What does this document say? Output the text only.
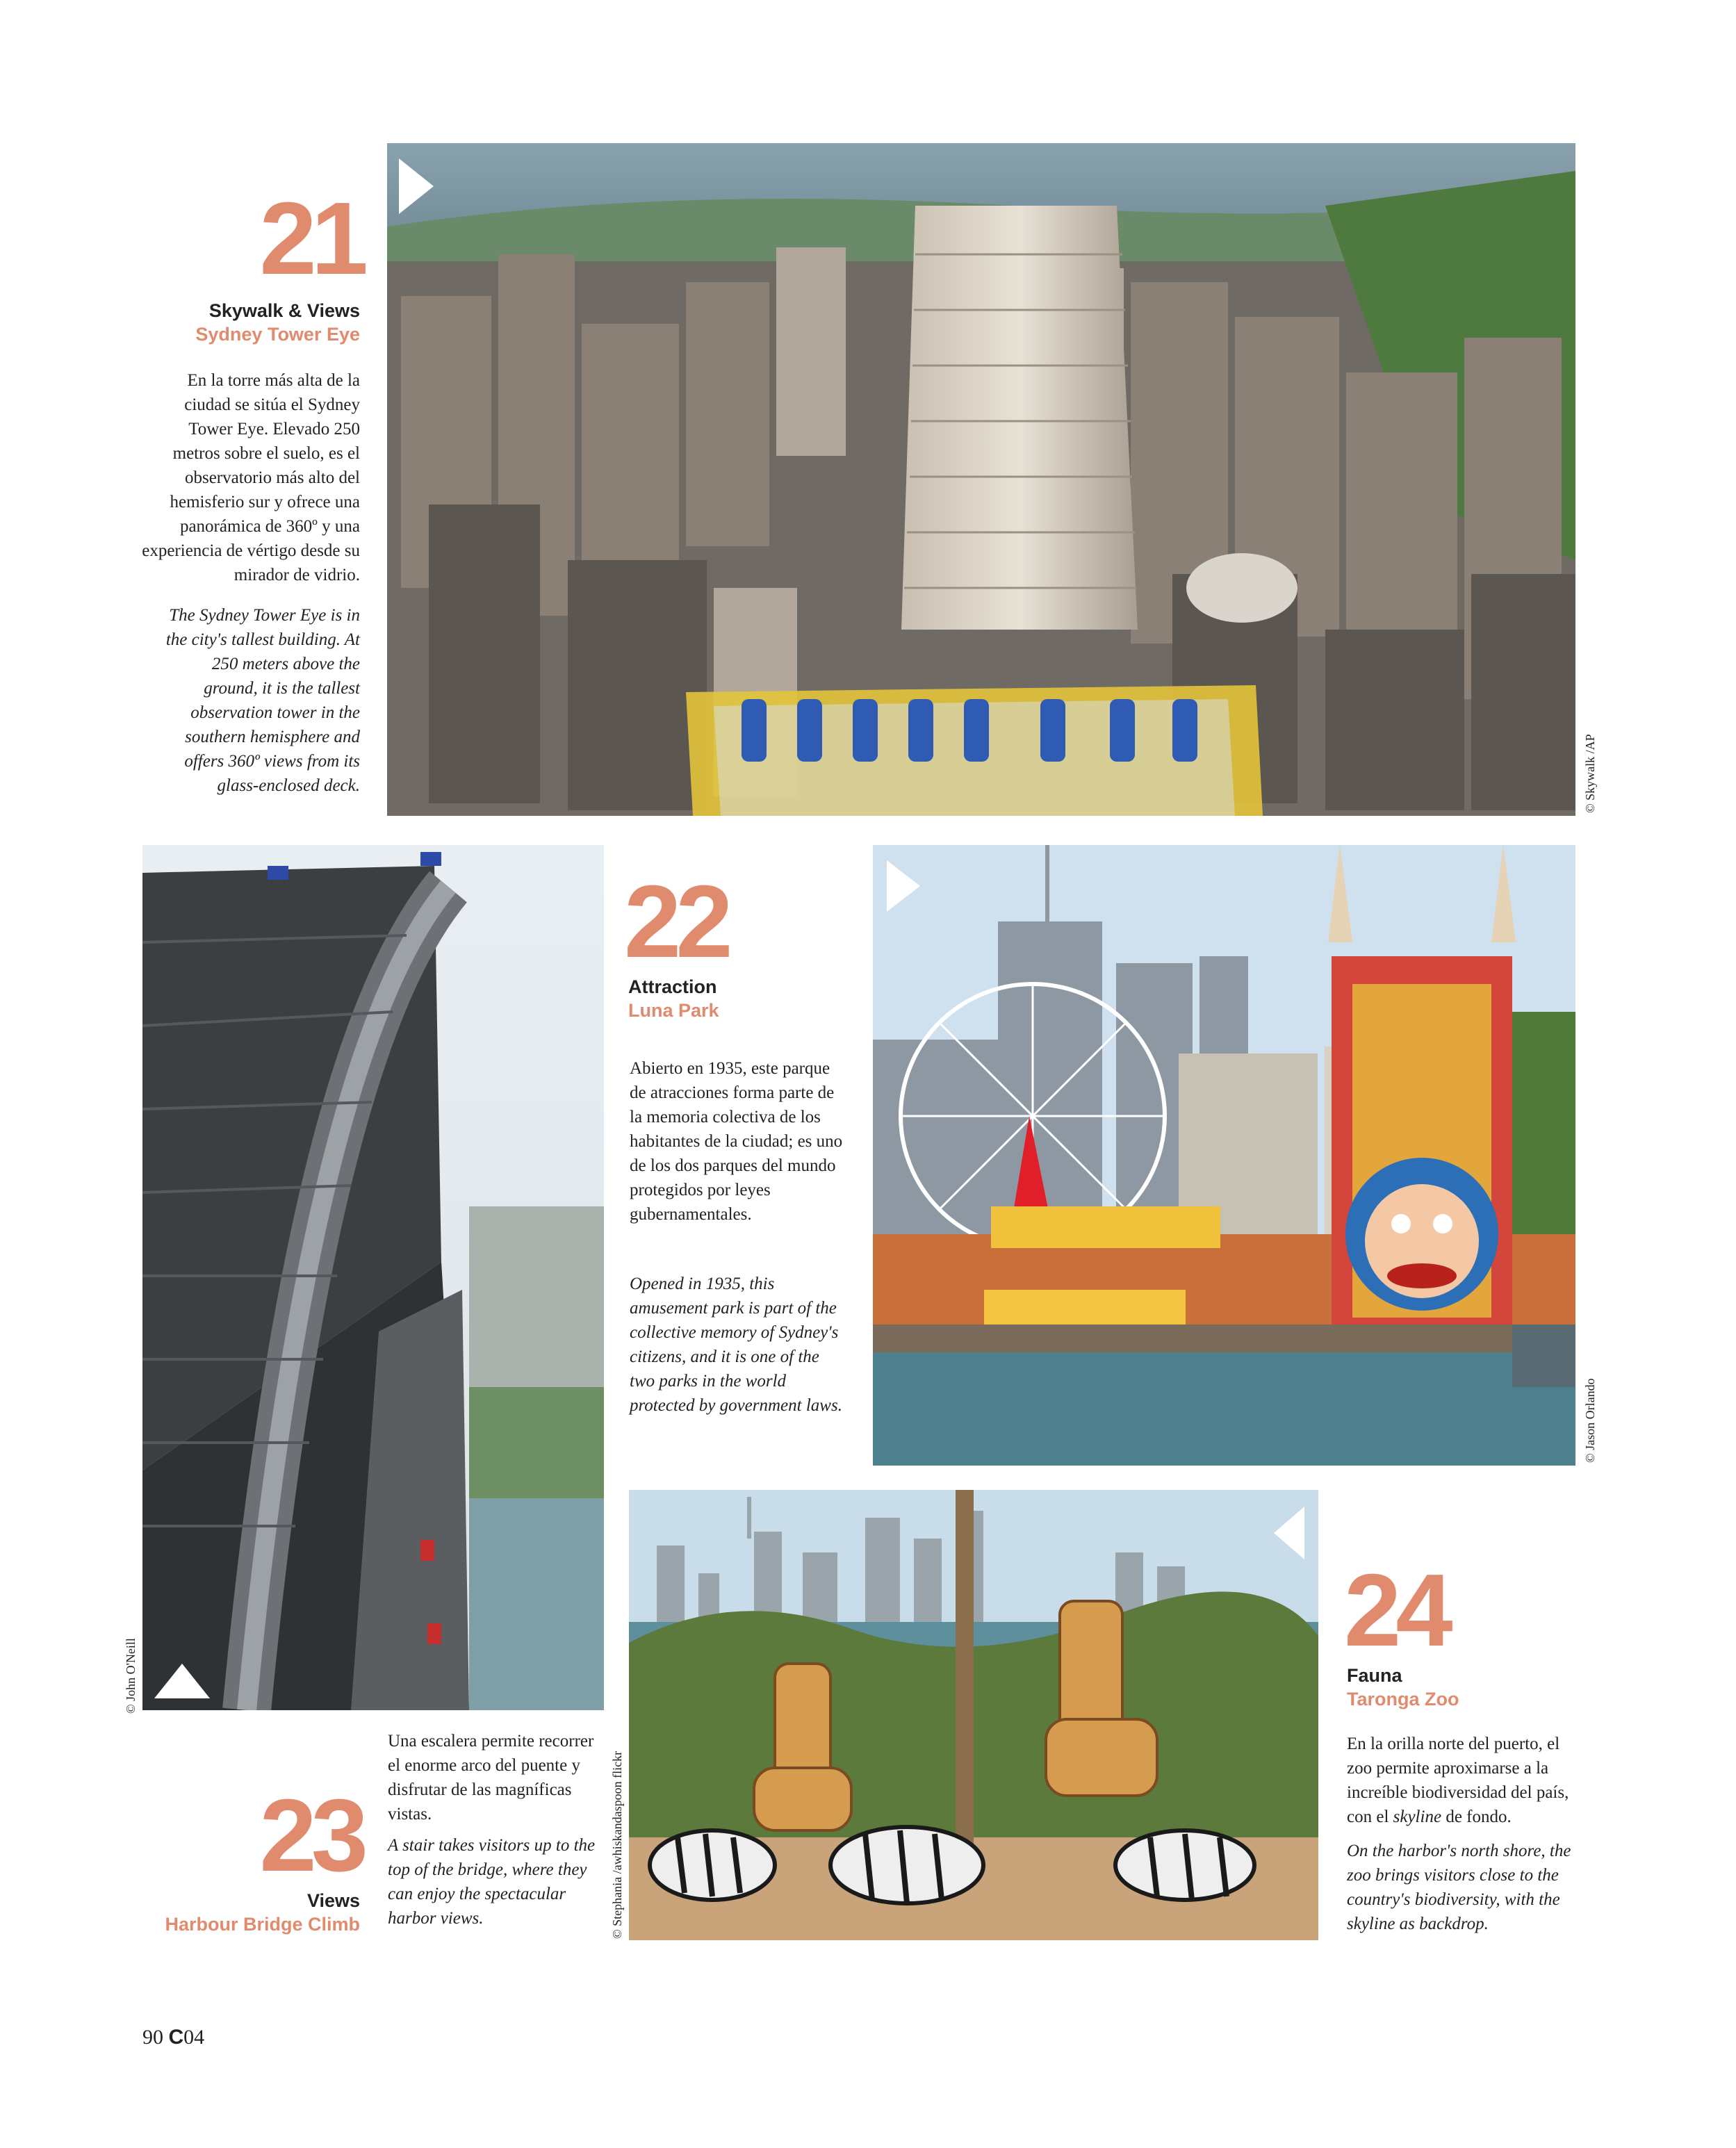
21
Skywalk & Views
Sydney Tower Eye

En la torre más alta de la ciudad se sitúa el Sydney Tower Eye. Elevado 250 metros sobre el suelo, es el observatorio más alto del hemisferio sur y ofrece una panorámica de 360º y una experiencia de vértigo desde su mirador de vidrio.

The Sydney Tower Eye is in the city's tallest building. At 250 meters above the ground, it is the tallest observation tower in the southern hemisphere and offers 360º views from its glass-enclosed deck.	© Skywalk /AP
22
Attraction
Luna Park

Abierto en 1935, este parque de atracciones forma parte de la memoria colectiva de los habitantes de la ciudad; es uno de los dos parques del mundo protegidos por leyes gubernamentales.

Opened in 1935, this amusement park is part of the collective memory of Sydney's citizens, and it is one of the two parks in the world protected by government laws.	© Jason Orlando
© John O'Neill

Una escalera permite recorrer el enorme arco del puente y disfrutar de las magníficas vistas.

A stair takes visitors up to the top of the bridge, where they can enjoy the spectacular harbor views.

23
Views
Harbour Bridge Climb	© Stephania /awhiskandaspoon flickr
24
Fauna
Taronga Zoo

En la orilla norte del puerto, el zoo permite aproximarse a la increíble biodiversidad del país, con el skyline de fondo.

On the harbor's north shore, the zoo brings visitors close to the country's biodiversity, with the skyline as backdrop.

90 C04
